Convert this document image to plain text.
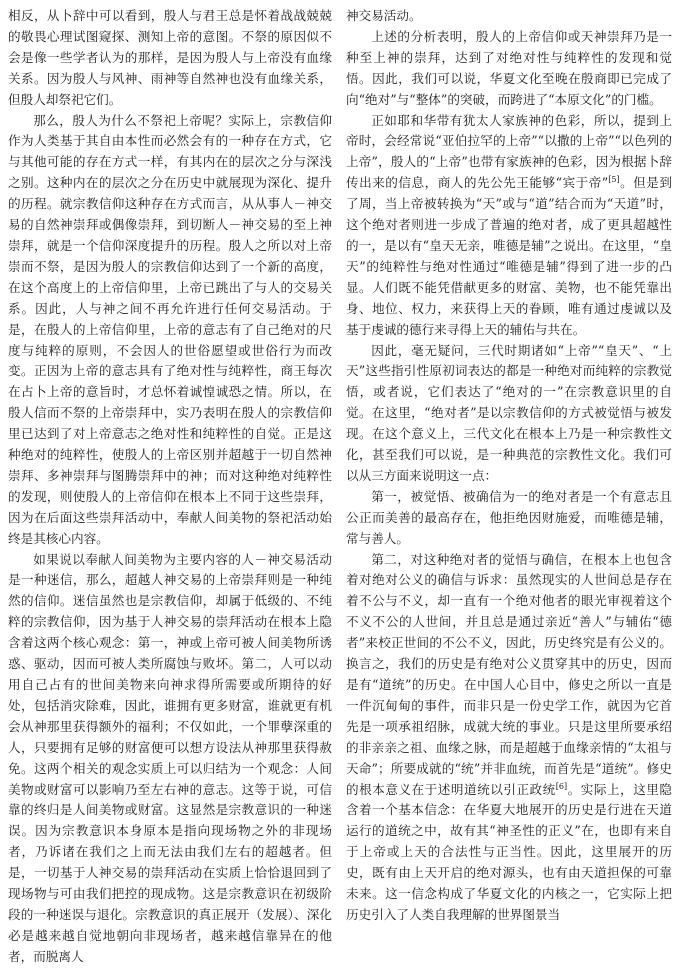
相反，从卜辞中可以看到，殷人与君王总是怀着战战兢兢的敬畏心理试图窥探、测知上帝的意图。不祭的原因似不会是像一些学者认为的那样，是因为殷人与上帝没有血缘关系。因为殷人与风神、雨神等自然神也没有血缘关系，但殷人却祭祀它们。

那么，殷人为什么不祭祀上帝呢？实际上，宗教信仰作为人类基于其自由本性而必然会有的一种存在方式，它与其他可能的存在方式一样，有其内在的层次之分与深浅之别。这种内在的层次之分在历史中就展现为深化、提升的历程。就宗教信仰这种存在方式而言，从从事人－神交易的自然神崇拜或偶像崇拜，到切断人－神交易的至上神崇拜，就是一个信仰深度提升的历程。殷人之所以对上帝崇而不祭，是因为殷人的宗教信仰达到了一个新的高度，在这个高度上的上帝信仰里，上帝已跳出了与人的交易关系。因此，人与神之间不再允许进行任何交易活动。于是，在殷人的上帝信仰里，上帝的意志有了自己绝对的尺度与纯粹的原则，不会因人的世俗愿望或世俗行为而改变。正因为上帝的意志具有了绝对性与纯粹性，商王每次在占卜上帝的意旨时，才总怀着诚惶诚恐之情。所以，在殷人信而不祭的上帝崇拜中，实乃表明在殷人的宗教信仰里已达到了对上帝意志之绝对性和纯粹性的自觉。正是这种绝对的纯粹性，使殷人的上帝区别并超越于一切自然神崇拜、多神崇拜与图腾崇拜中的神；而对这种绝对纯粹性的发现，则使殷人的上帝信仰在根本上不同于这些崇拜，因为在后面这些崇拜活动中，奉献人间美物的祭祀活动始终是其核心内容。

如果说以奉献人间美物为主要内容的人－神交易活动是一种迷信，那么，超越人神交易的上帝崇拜则是一种纯然的信仰。迷信虽然也是宗教信仰，却属于低级的、不纯粹的宗教信仰，因为基于人神交易的崇拜活动在根本上隐含着这两个核心观念：第一，神或上帝可被人间美物所诱惑、驱动，因而可被人类所腐蚀与败坏。第二，人可以动用自己占有的世间美物来向神求得所需要或所期待的好处，包括消灾除难，因此，谁拥有更多财富，谁就更有机会从神那里获得额外的福利；不仅如此，一个罪孽深重的人，只要拥有足够的财富便可以想方设法从神那里获得赦免。这两个相关的观念实质上可以归结为一个观念：人间美物或财富可以影响乃至左右神的意志。这等于说，可信靠的终归是人间美物或财富。这显然是宗教意识的一种迷误。因为宗教意识本身原本是指向现场物之外的非现场者，乃诉诸在我们之上而无法由我们左右的超越者。但是，一切基于人神交易的崇拜活动在实质上恰恰退回到了现场物与可由我们把控的现成物。这是宗教意识在初级阶段的一种迷误与退化。宗教意识的真正展开（发展）、深化必是越来越自觉地朝向非现场者，越来越信靠异在的他者，而脱离人

神交易活动。

上述的分析表明，殷人的上帝信仰或天神崇拜乃是一种至上神的崇拜，达到了对绝对性与纯粹性的发现和觉悟。因此，我们可以说，华夏文化至晚在殷商即已完成了向“绝对”与“整体”的突破，而跨进了“本原文化”的门槛。

正如耶和华带有犹太人家族神的色彩，所以，提到上帝时，会经常说“亚伯拉罕的上帝”“以撒的上帝”“以色列的上帝”，殷人的“上帝”也带有家族神的色彩，因为根据卜辞传出来的信息，商人的先公先王能够“宾于帝”[5]。但是到了周，当上帝被转换为“天”或与“道”结合而为“天道”时，这个绝对者则进一步成了普遍的绝对者，成了更具超越性的一，是以有“皇天无亲，唯德是辅”之说出。在这里，“皇天”的纯粹性与绝对性通过“唯德是辅”得到了进一步的凸显。人们既不能凭借献更多的财富、美物，也不能凭靠出身、地位、权力，来获得上天的眷顾，唯有通过虔诚以及基于虔诚的德行来寻得上天的辅佑与共在。

因此，毫无疑问，三代时期诸如“上帝”“皇天”、“上天”这些指引性原初词表达的都是一种绝对而纯粹的宗教觉悟，或者说，它们表达了“绝对的一”在宗教意识里的自觉。在这里，“绝对者”是以宗教信仰的方式被觉悟与被发现。在这个意义上，三代文化在根本上乃是一种宗教性文化，甚至我们可以说，是一种典范的宗教性文化。我们可以从三方面来说明这一点：

第一，被觉悟、被确信为一的绝对者是一个有意志且公正而美善的最高存在，他拒绝因财施爱，而唯德是辅，常与善人。

第二，对这种绝对者的觉悟与确信，在根本上也包含着对绝对公义的确信与诉求：虽然现实的人世间总是存在着不公与不义，却一直有一个绝对他者的眼光审视着这个不义不公的人世间，并且总是通过亲近“善人”与辅佑“德者”来校正世间的不公不义，因此，历史终究是有公义的。换言之，我们的历史是有绝对公义贯穿其中的历史，因而是有“道统”的历史。在中国人心目中，修史之所以一直是一件沉甸甸的事件，而非只是一份史学工作，就因为它首先是一项承祖绍脉，成就大统的事业。只是这里所要承绍的非亲亲之祖、血缘之脉，而是超越于血缘亲情的“太祖与天命”；所要成就的“统”并非血统，而首先是“道统”。修史的根本意义在于述明道统以引正政统[6]。实际上，这里隐含着一个基本信念：在华夏大地展开的历史是行进在天道运行的道统之中，故有其“神圣性的正义”在，也即有来自于上帝或上天的合法性与正当性。因此，这里展开的历史，既有由上天开启的绝对源头，也有由天道担保的可靠未来。这一信念构成了华夏文化的内核之一，它实际上把历史引入了人类自我理解的世界图景当
